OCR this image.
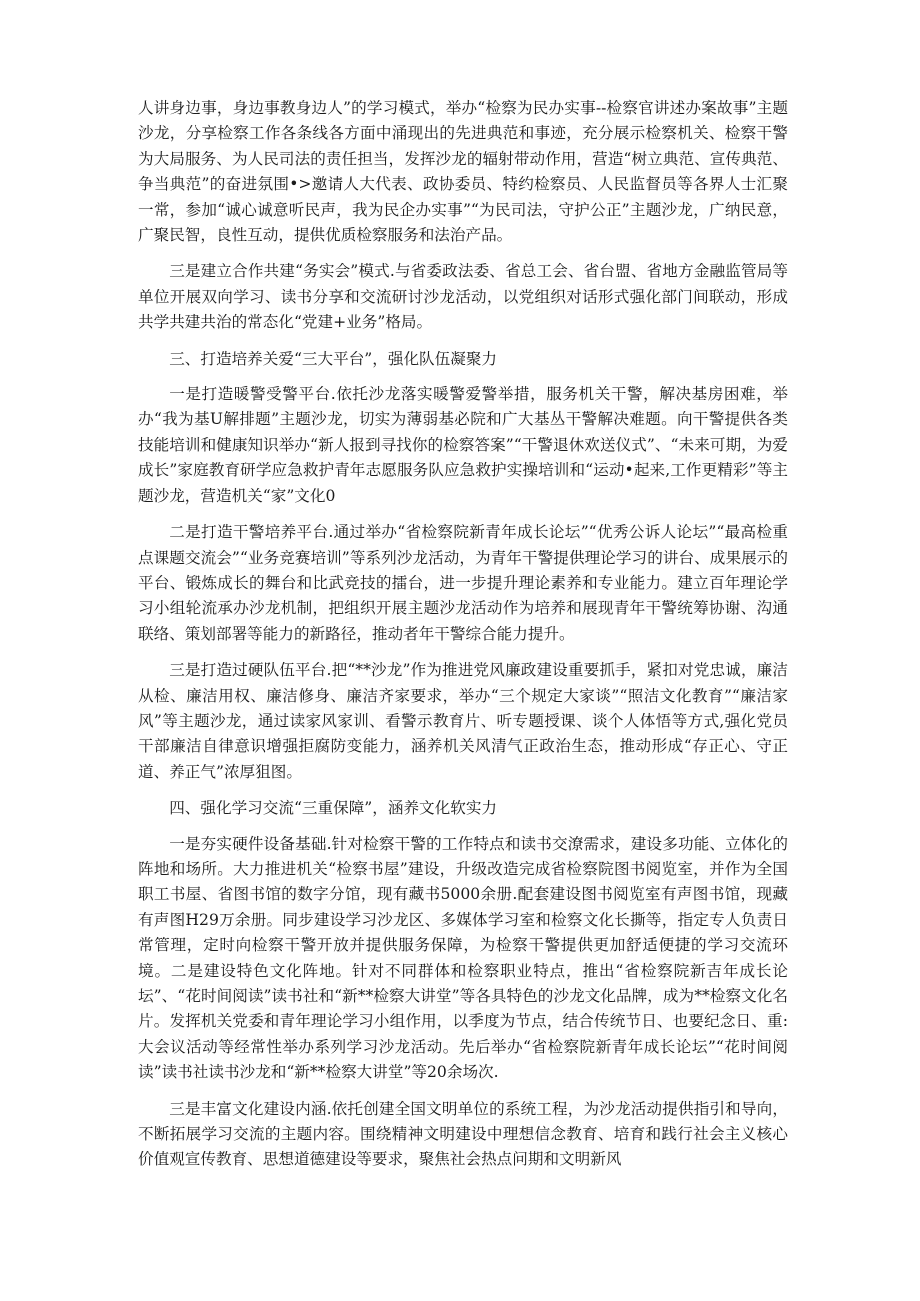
人讲身边事，身边事教身边人”的学习模式，举办“检察为民办实事--检察官讲述办案故事”主题沙龙，分享检察工作各条线各方面中涌现出的先进典范和事迹，充分展示检察机关、检察干警为大局服务、为人民司法的责任担当，发挥沙龙的辐射带动作用，营造“树立典范、宣传典范、争当典范”的奋进氛围•>邀请人大代表、政协委员、特约检察员、人民监督员等各界人士汇聚一常，参加“诚心诚意听民声，我为民企办实事”“为民司法，守护公正”主题沙龙，广纳民意，广聚民智，良性互动，提供优质检察服务和法治产品。

三是建立合作共建“务实会”模式.与省委政法委、省总工会、省台盟、省地方金融监管局等单位开展双向学习、读书分享和交流研讨沙龙活动，以党组织对话形式强化部门间联动，形成共学共建共治的常态化“党建+业务”格局。

三、打造培养关爱“三大平台”，强化队伍凝聚力

一是打造暖警受警平台.依托沙龙落实暖警爱警举措，服务机关干警，解决基房困难，举办“我为基U解排题”主题沙龙，切实为薄弱基必院和广大基丛干警解决难题。向干警提供各类技能培训和健康知识举办“新人报到寻找你的检察答案”“干警退休欢送仪式”、“未来可期，为爱成长”家庭教育研学应急救护青年志愿服务队应急救护实操培训和“运动•起来,工作更精彩”等主题沙龙，营造机关“家”文化0

二是打造干警培养平台.通过举办“省检察院新青年成长论坛”“优秀公诉人论坛”“最高检重点课题交流会”“业务竞赛培训”等系列沙龙活动，为青年干警提供理论学习的讲台、成果展示的平台、锻炼成长的舞台和比武竞技的擂台，进一步提升理论素养和专业能力。建立百年理论学习小组轮流承办沙龙机制，把组织开展主题沙龙活动作为培养和展现青年干警统筹协谢、沟通联络、策划部署等能力的新路径，推动者年干警综合能力提升。

三是打造过硬队伍平台.把“**沙龙”作为推进党风廉政建设重要抓手，紧扣对党忠诚，廉洁从检、廉洁用权、廉洁修身、廉洁齐家要求，举办“三个规定大家谈”“照洁文化教育”“廉洁家风”等主题沙龙，通过读家风家训、看警示教育片、听专题授课、谈个人体悟等方式,强化党员干部廉洁自律意识增强拒腐防变能力，涵养机关风清气正政治生态，推动形成“存正心、守正道、养正气”浓厚狙图。

四、强化学习交流“三重保障”，涵养文化软实力

一是夯实硬件设备基础.针对检察干警的工作特点和读书交潦需求，建设多功能、立体化的阵地和场所。大力推进机关“检察书屋”建设，升级改造完成省检察院图书阅览室，并作为全国职工书屋、省图书馆的数字分馆，现有藏书5000余册.配套建设图书阅览室有声图书馆，现藏有声图H29万余册。同步建设学习沙龙区、多媒体学习室和检察文化长撕等，指定专人负责日常管理，定时向检察干警开放并提供服务保障，为检察干警提供更加舒适便捷的学习交流环境。二是建设特色文化阵地。针对不同群体和检察职业特点，推出“省检察院新吉年成长论坛”、“花时间阅读”读书社和“新**检察大讲堂”等各具特色的沙龙文化品牌，成为**检察文化名片。发挥机关党委和青年理论学习小组作用，以季度为节点，结合传统节日、也要纪念日、重:大会议活动等经常性举办系列学习沙龙活动。先后举办“省检察院新青年成长论坛”“花时间阅读”读书社读书沙龙和“新**检察大讲堂”等20余场次.

三是丰富文化建设内涵.依托创建全国文明单位的系统工程，为沙龙活动提供指引和导向，不断拓展学习交流的主题内容。围绕精神文明建设中理想信念教育、培育和践行社会主义核心价值观宣传教育、思想道德建设等要求，聚焦社会热点问期和文明新风
